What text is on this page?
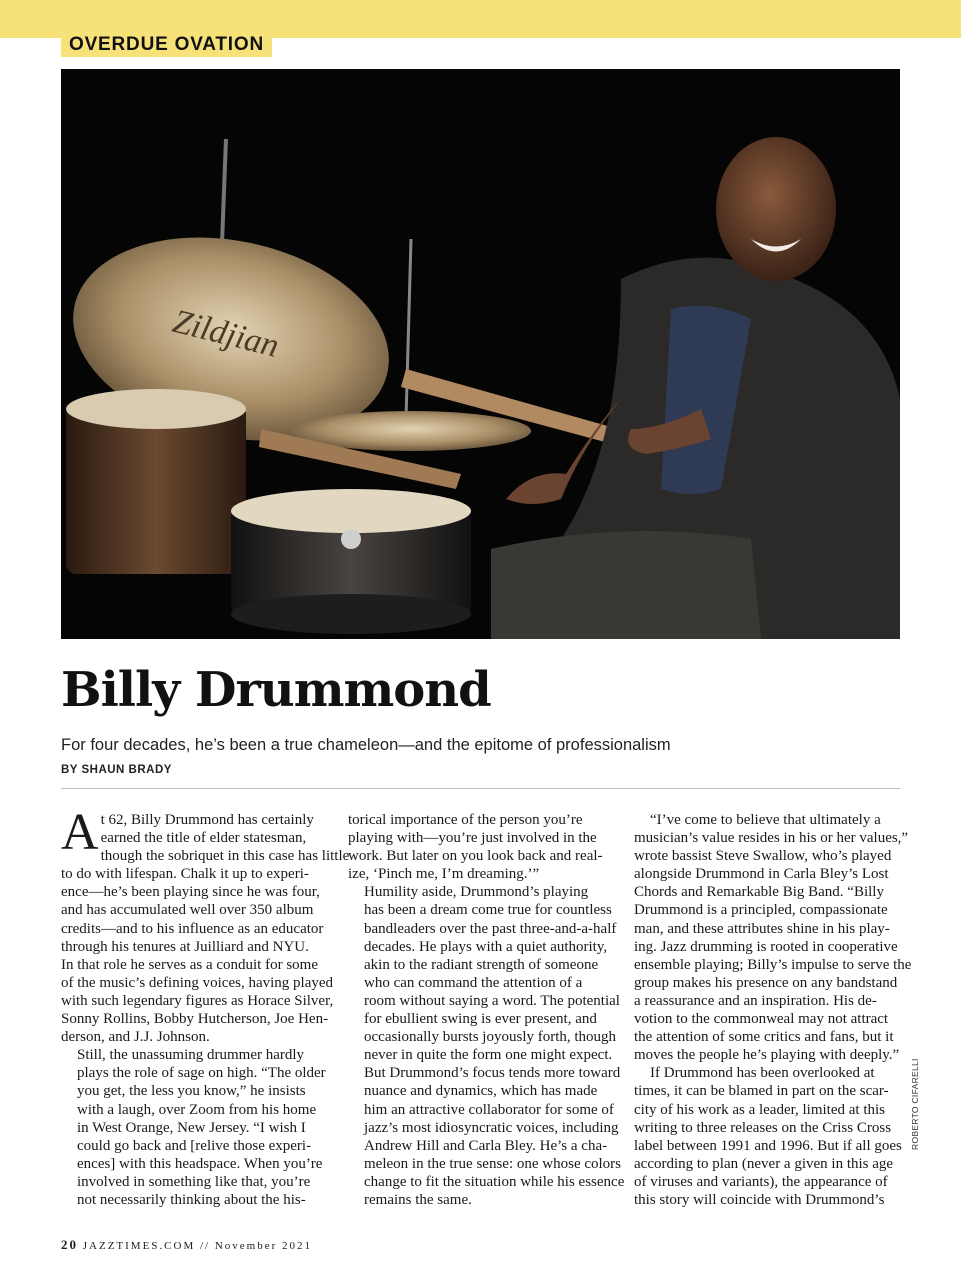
OVERDUE OVATION
Zildjian
Billy Drummond
For four decades, he’s been a true chameleon—and the epitome of professionalism
BY SHAUN BRADY

A t 62, Billy Drummond has certainly
earned the title of elder statesman,
though the sobriquet in this case has little
to do with lifespan. Chalk it up to experi-
ence—he’s been playing since he was four,
and has accumulated well over 350 album
credits—and to his influence as an educator
through his tenures at Juilliard and NYU.
In that role he serves as a conduit for some
of the music’s defining voices, having played
with such legendary figures as Horace Silver,
Sonny Rollins, Bobby Hutcherson, Joe Hen-
derson, and J.J. Johnson.

Still, the unassuming drummer hardly
plays the role of sage on high. “The older
you get, the less you know,” he insists
with a laugh, over Zoom from his home
in West Orange, New Jersey. “I wish I
could go back and [relive those experi-
ences] with this headspace. When you’re
involved in something like that, you’re
not necessarily thinking about the his-

torical importance of the person you’re
playing with—you’re just involved in the
work. But later on you look back and real-
ize, ‘Pinch me, I’m dreaming.’”

Humility aside, Drummond’s playing
has been a dream come true for countless
bandleaders over the past three-and-a-half
decades. He plays with a quiet authority,
akin to the radiant strength of someone
who can command the attention of a
room without saying a word. The potential
for ebullient swing is ever present, and
occasionally bursts joyously forth, though
never in quite the form one might expect.
But Drummond’s focus tends more toward
nuance and dynamics, which has made
him an attractive collaborator for some of
jazz’s most idiosyncratic voices, including
Andrew Hill and Carla Bley. He’s a cha-
meleon in the true sense: one whose colors
change to fit the situation while his essence
remains the same.

“I’ve come to believe that ultimately a
musician’s value resides in his or her values,”
wrote bassist Steve Swallow, who’s played
alongside Drummond in Carla Bley’s Lost
Chords and Remarkable Big Band. “Billy
Drummond is a principled, compassionate
man, and these attributes shine in his play-
ing. Jazz drumming is rooted in cooperative
ensemble playing; Billy’s impulse to serve the
group makes his presence on any bandstand
a reassurance and an inspiration. His de-
votion to the commonweal may not attract
the attention of some critics and fans, but it
moves the people he’s playing with deeply.”

If Drummond has been overlooked at
times, it can be blamed in part on the scar-
city of his work as a leader, limited at this
writing to three releases on the Criss Cross
label between 1991 and 1996. But if all goes
according to plan (never a given in this age
of viruses and variants), the appearance of
this story will coincide with Drummond’s

20 JAZZTIMES.COM // November 2021
ROBERTO CIFARELLI
